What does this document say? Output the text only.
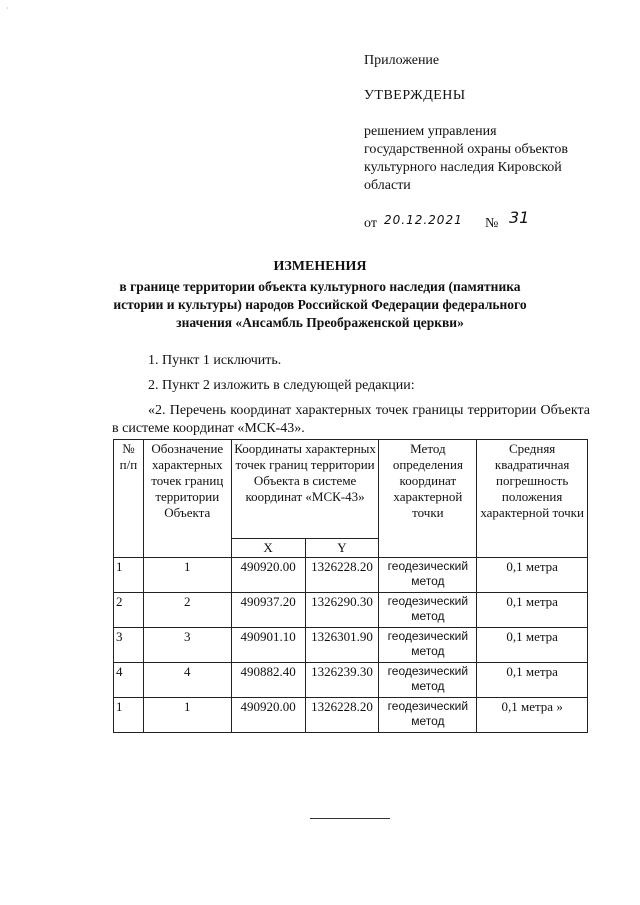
·
Приложение
УТВЕРЖДЕНЫ
решением управления
государственной охраны объектов
культурного наследия Кировской
области
от 20.12.2021 № 31
ИЗМЕНЕНИЯ
в границе территории объекта культурного наследия (памятника
истории и культуры) народов Российской Федерации федерального
значения «Ансамбль Преображенской церкви»

1. Пункт 1 исключить.

2. Пункт 2 изложить в следующей редакции:

«2. Перечень координат характерных точек границы территории Объекта в системе координат «МСК-43».

№ п/п	Обозначение характерных точек границ территории Объекта	Координаты характерных точек границ территории Объекта в системе координат «МСК-43»		Метод определения координат характерной точки	Средняя квадратичная погрешность положения характерной точки
		X	Y		
1	1	490920.00	1326228.20	геодезический метод	0,1 метра
2	2	490937.20	1326290.30	геодезический метод	0,1 метра
3	3	490901.10	1326301.90	геодезический метод	0,1 метра
4	4	490882.40	1326239.30	геодезический метод	0,1 метра
1	1	490920.00	1326228.20	геодезический метод	0,1 метра »
